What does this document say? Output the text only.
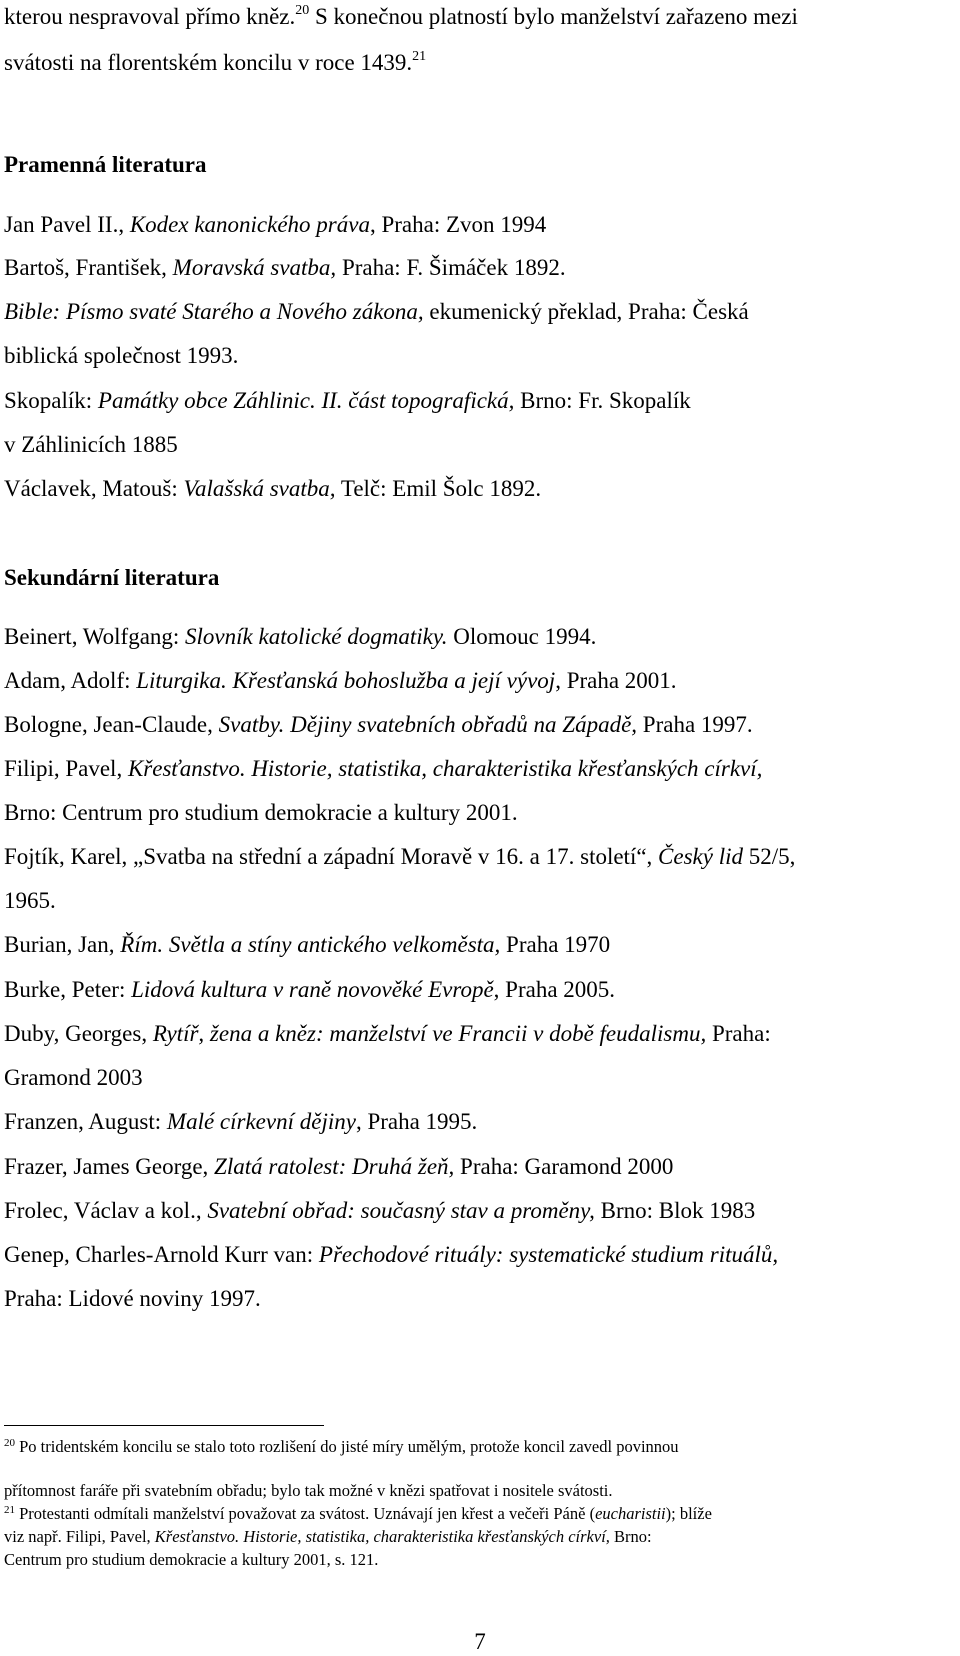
kterou nespravoval přímo kněz.$^{20}$ S konečnou platností bylo manželství zařazeno mezi
svátosti na florentském koncilu v roce 1439.21
Pramenná literatura
Jan Pavel II., Kodex kanonického práva, Praha: Zvon 1994
Bartoš, František, Moravská svatba, Praha: F. Šimáček 1892.
Bible: Písmo svaté Starého a Nového zákona, ekumenický překlad, Praha: Česká
biblická společnost 1993.
Skopalík: Památky obce Záhlinic. II. část topografická, Brno: Fr. Skopalík
v Záhlinicích 1885
Václavek, Matouš: Valašská svatba, Telč: Emil Šolc 1892.
Sekundární literatura
Beinert, Wolfgang: Slovník katolické dogmatiky. Olomouc 1994.
Adam, Adolf: Liturgika. Křesťanská bohoslužba a její vývoj, Praha 2001.
Bologne, Jean-Claude, Svatby. Dějiny svatebních obřadů na Západě, Praha 1997.
Filipi, Pavel, Křesťanstvo. Historie, statistika, charakteristika křesťanských církví,
Brno: Centrum pro studium demokracie a kultury 2001.
Fojtík, Karel, „Svatba na střední a západní Moravě v 16. a 17. století“, Český lid 52/5,
1965.
Burian, Jan, Řím. Světla a stíny antického velkoměsta, Praha 1970
Burke, Peter: Lidová kultura v raně novověké Evropě, Praha 2005.
Duby, Georges, Rytíř, žena a kněz: manželství ve Francii v době feudalismu, Praha:
Gramond 2003
Franzen, August: Malé církevní dějiny, Praha 1995.
Frazer, James George, Zlatá ratolest: Druhá žeň, Praha: Garamond 2000
Frolec, Václav a kol., Svatební obřad: současný stav a proměny, Brno: Blok 1983
Genep, Charles-Arnold Kurr van: Přechodové rituály: systematické studium rituálů,
Praha: Lidové noviny 1997.
$^{20}$ Po tridentském koncilu se stalo toto rozlišení do jisté míry umělým, protože koncil zavedl povinnou
přítomnost faráře při svatebním obřadu; bylo tak možné v knězi spatřovat i nositele svátosti.
$^{21}$ Protestanti odmítali manželství považovat za svátost. Uznávají jen křest a večeři Páně (eucharistii); blíže
viz např. Filipi, Pavel, Křesťanstvo. Historie, statistika, charakteristika křesťanských církví, Brno:
Centrum pro studium demokracie a kultury 2001, s. 121.
7
